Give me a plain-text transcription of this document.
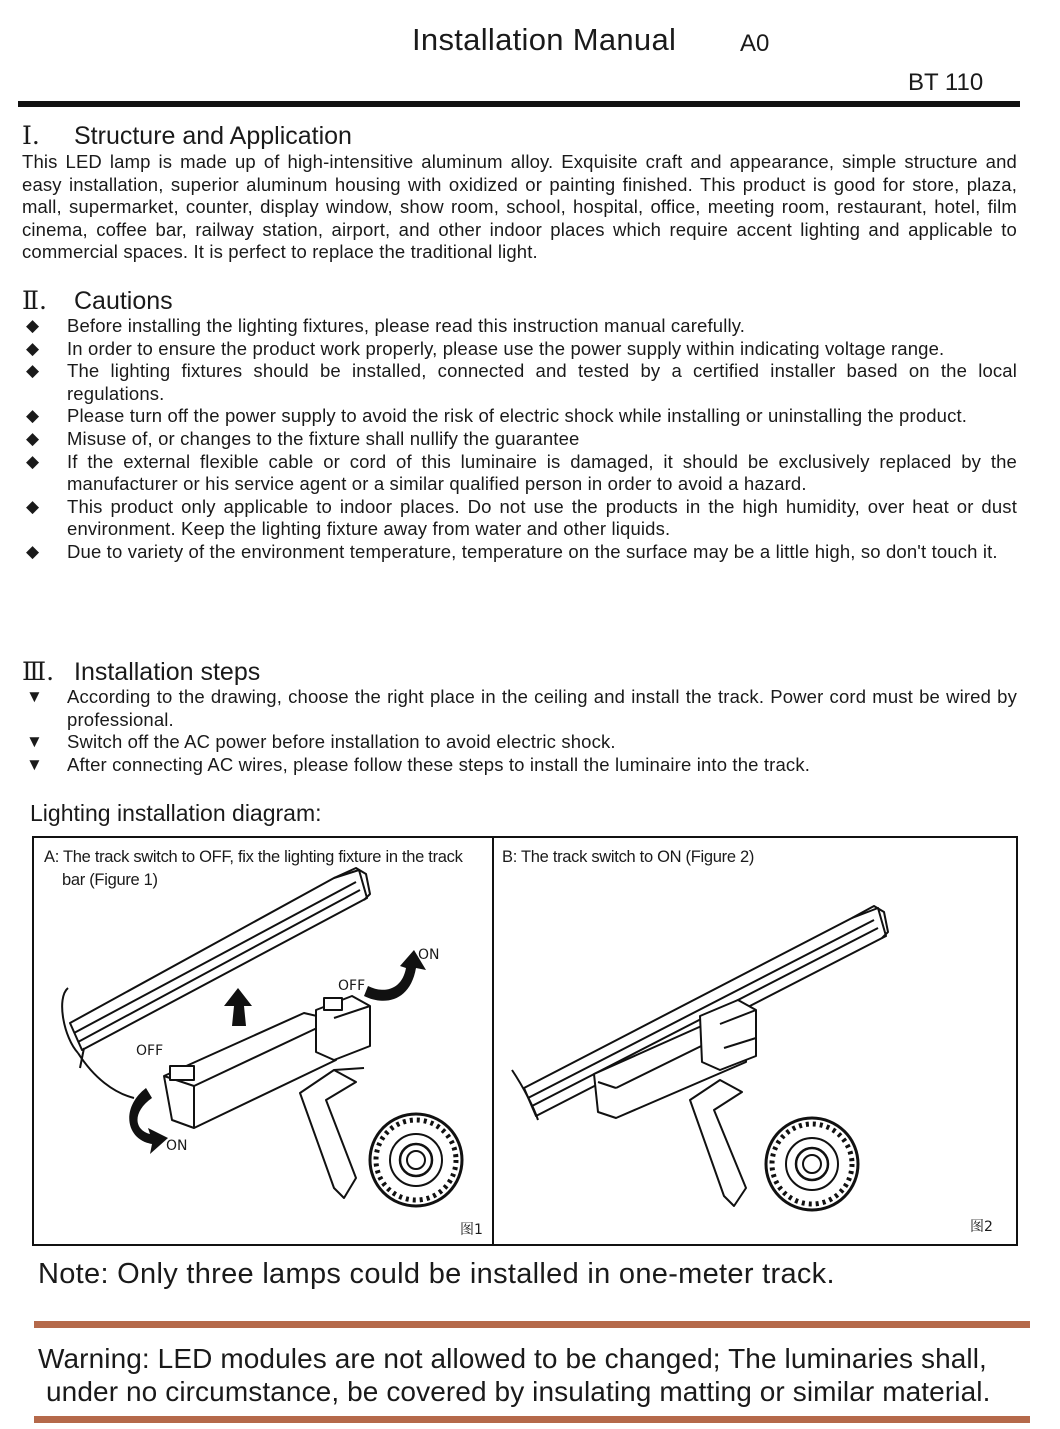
Installation Manual	A0
BT 110
Ⅰ. Structure and Application
This LED lamp is made up of high-intensitive aluminum alloy. Exquisite craft and appearance, simple structure and easy installation, superior aluminum housing with oxidized or painting finished. This product is good for store, plaza, mall, supermarket, counter, display window, show room, school, hospital, office, meeting room, restaurant, hotel, film cinema, coffee bar, railway station, airport, and other indoor places which require accent lighting and applicable to commercial spaces. It is perfect to replace the traditional light.
Ⅱ. Cautions
◆ Before installing the lighting fixtures, please read this instruction manual carefully.
◆ In order to ensure the product work properly, please use the power supply within indicating voltage range.
◆ The lighting fixtures should be installed, connected and tested by a certified installer based on the local regulations.
◆ Please turn off the power supply to avoid the risk of electric shock while installing or uninstalling the product.
◆ Misuse of, or changes to the fixture shall nullify the guarantee
◆ If the external flexible cable or cord of this luminaire is damaged, it should be exclusively replaced by the manufacturer or his service agent or a similar qualified person in order to avoid a hazard.
◆ This product only applicable to indoor places. Do not use the products in the high humidity, over heat or dust environment. Keep the lighting fixture away from water and other liquids.
◆ Due to variety of the environment temperature, temperature on the surface may be a little high, so don't touch it.
Ⅲ. Installation steps
▼ According to the drawing, choose the right place in the ceiling and install the track. Power cord must be wired by professional.
▼ Switch off the AC power before installation to avoid electric shock.
▼ After connecting AC wires, please follow these steps to install the luminaire into the track.
Lighting installation diagram:
A: The track switch to OFF, fix the lighting fixture in the track
bar (Figure 1)
OFF
ON
OFF
ON
图1
B: The track switch to ON (Figure 2)
图2
Note: Only three lamps could be installed in one-meter track.
Warning: LED modules are not allowed to be changed; The luminaries shall,
under no circumstance, be covered by insulating matting or similar material.
